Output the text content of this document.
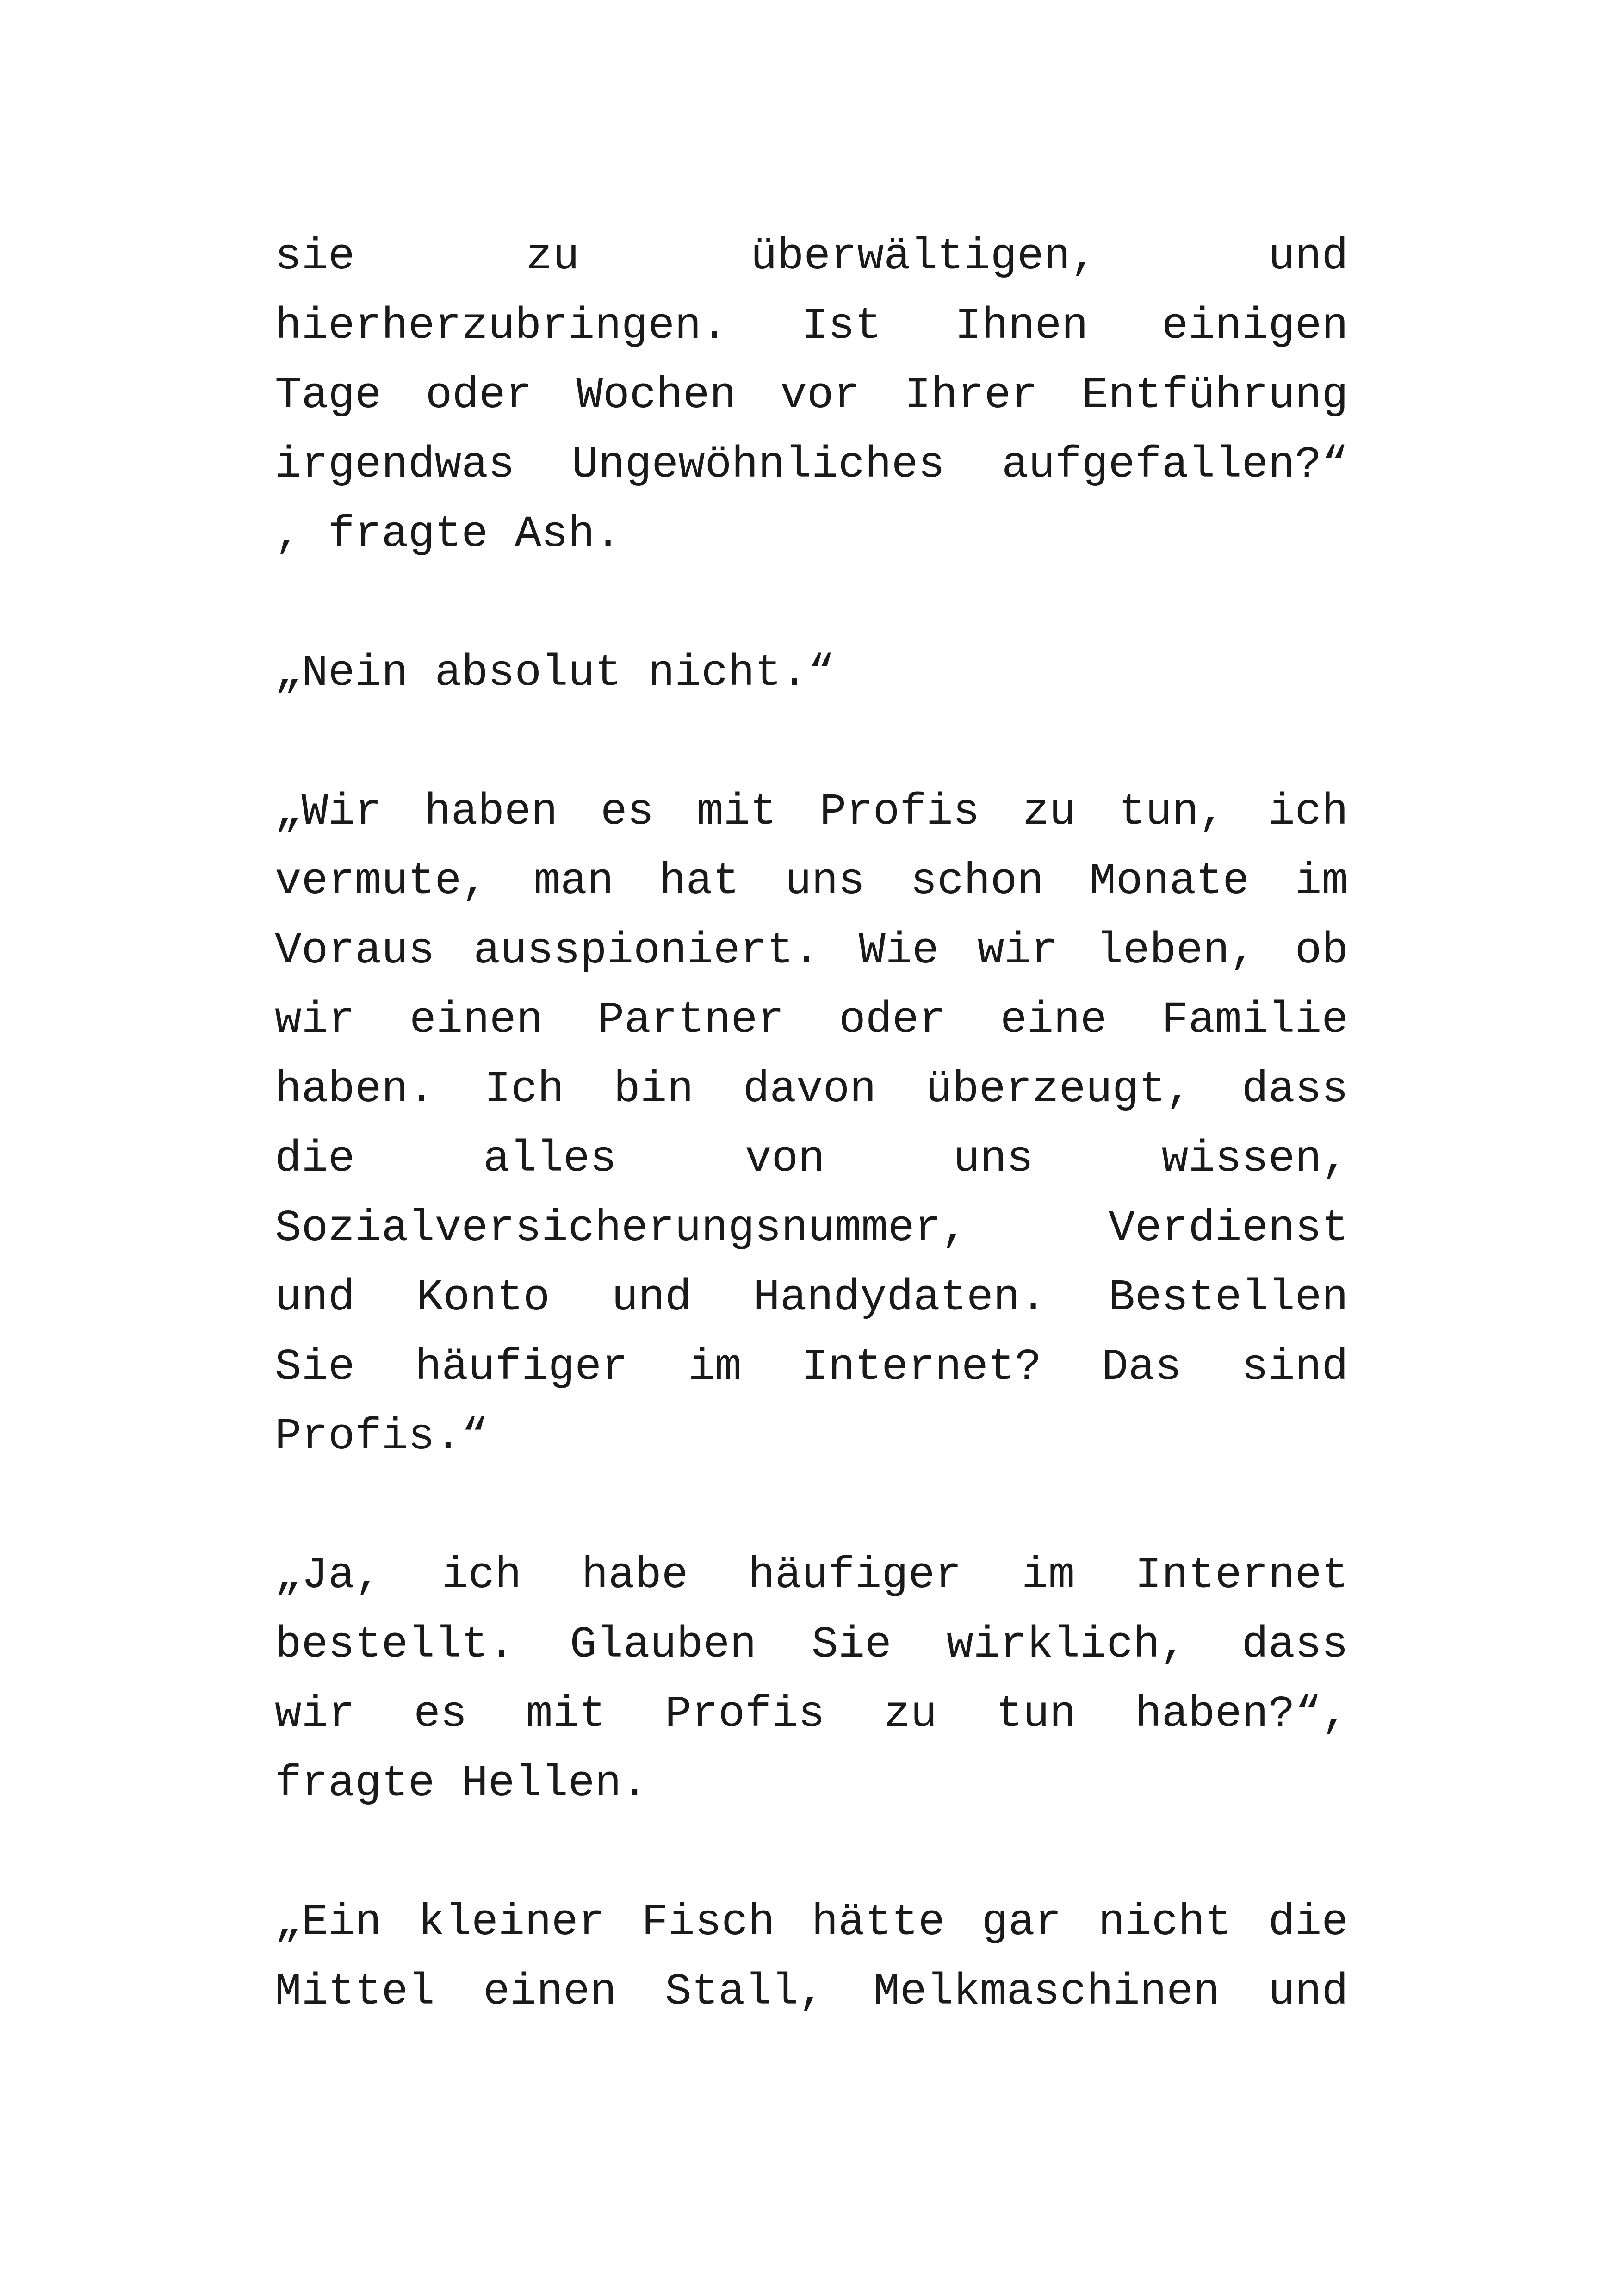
sie zu überwältigen, und
hierherzubringen. Ist Ihnen einigen
Tage oder Wochen vor Ihrer Entführung
irgendwas Ungewöhnliches aufgefallen?“
, fragte Ash.
„Nein absolut nicht.“
„Wir haben es mit Profis zu tun, ich
vermute, man hat uns schon Monate im
Voraus ausspioniert. Wie wir leben, ob
wir einen Partner oder eine Familie
haben. Ich bin davon überzeugt, dass
die alles von uns wissen,
Sozialversicherungsnummer, Verdienst
und Konto und Handydaten. Bestellen
Sie häufiger im Internet? Das sind
Profis.“
„Ja, ich habe häufiger im Internet
bestellt. Glauben Sie wirklich, dass
wir es mit Profis zu tun haben?“,
fragte Hellen.
„Ein kleiner Fisch hätte gar nicht die
Mittel einen Stall, Melkmaschinen und
